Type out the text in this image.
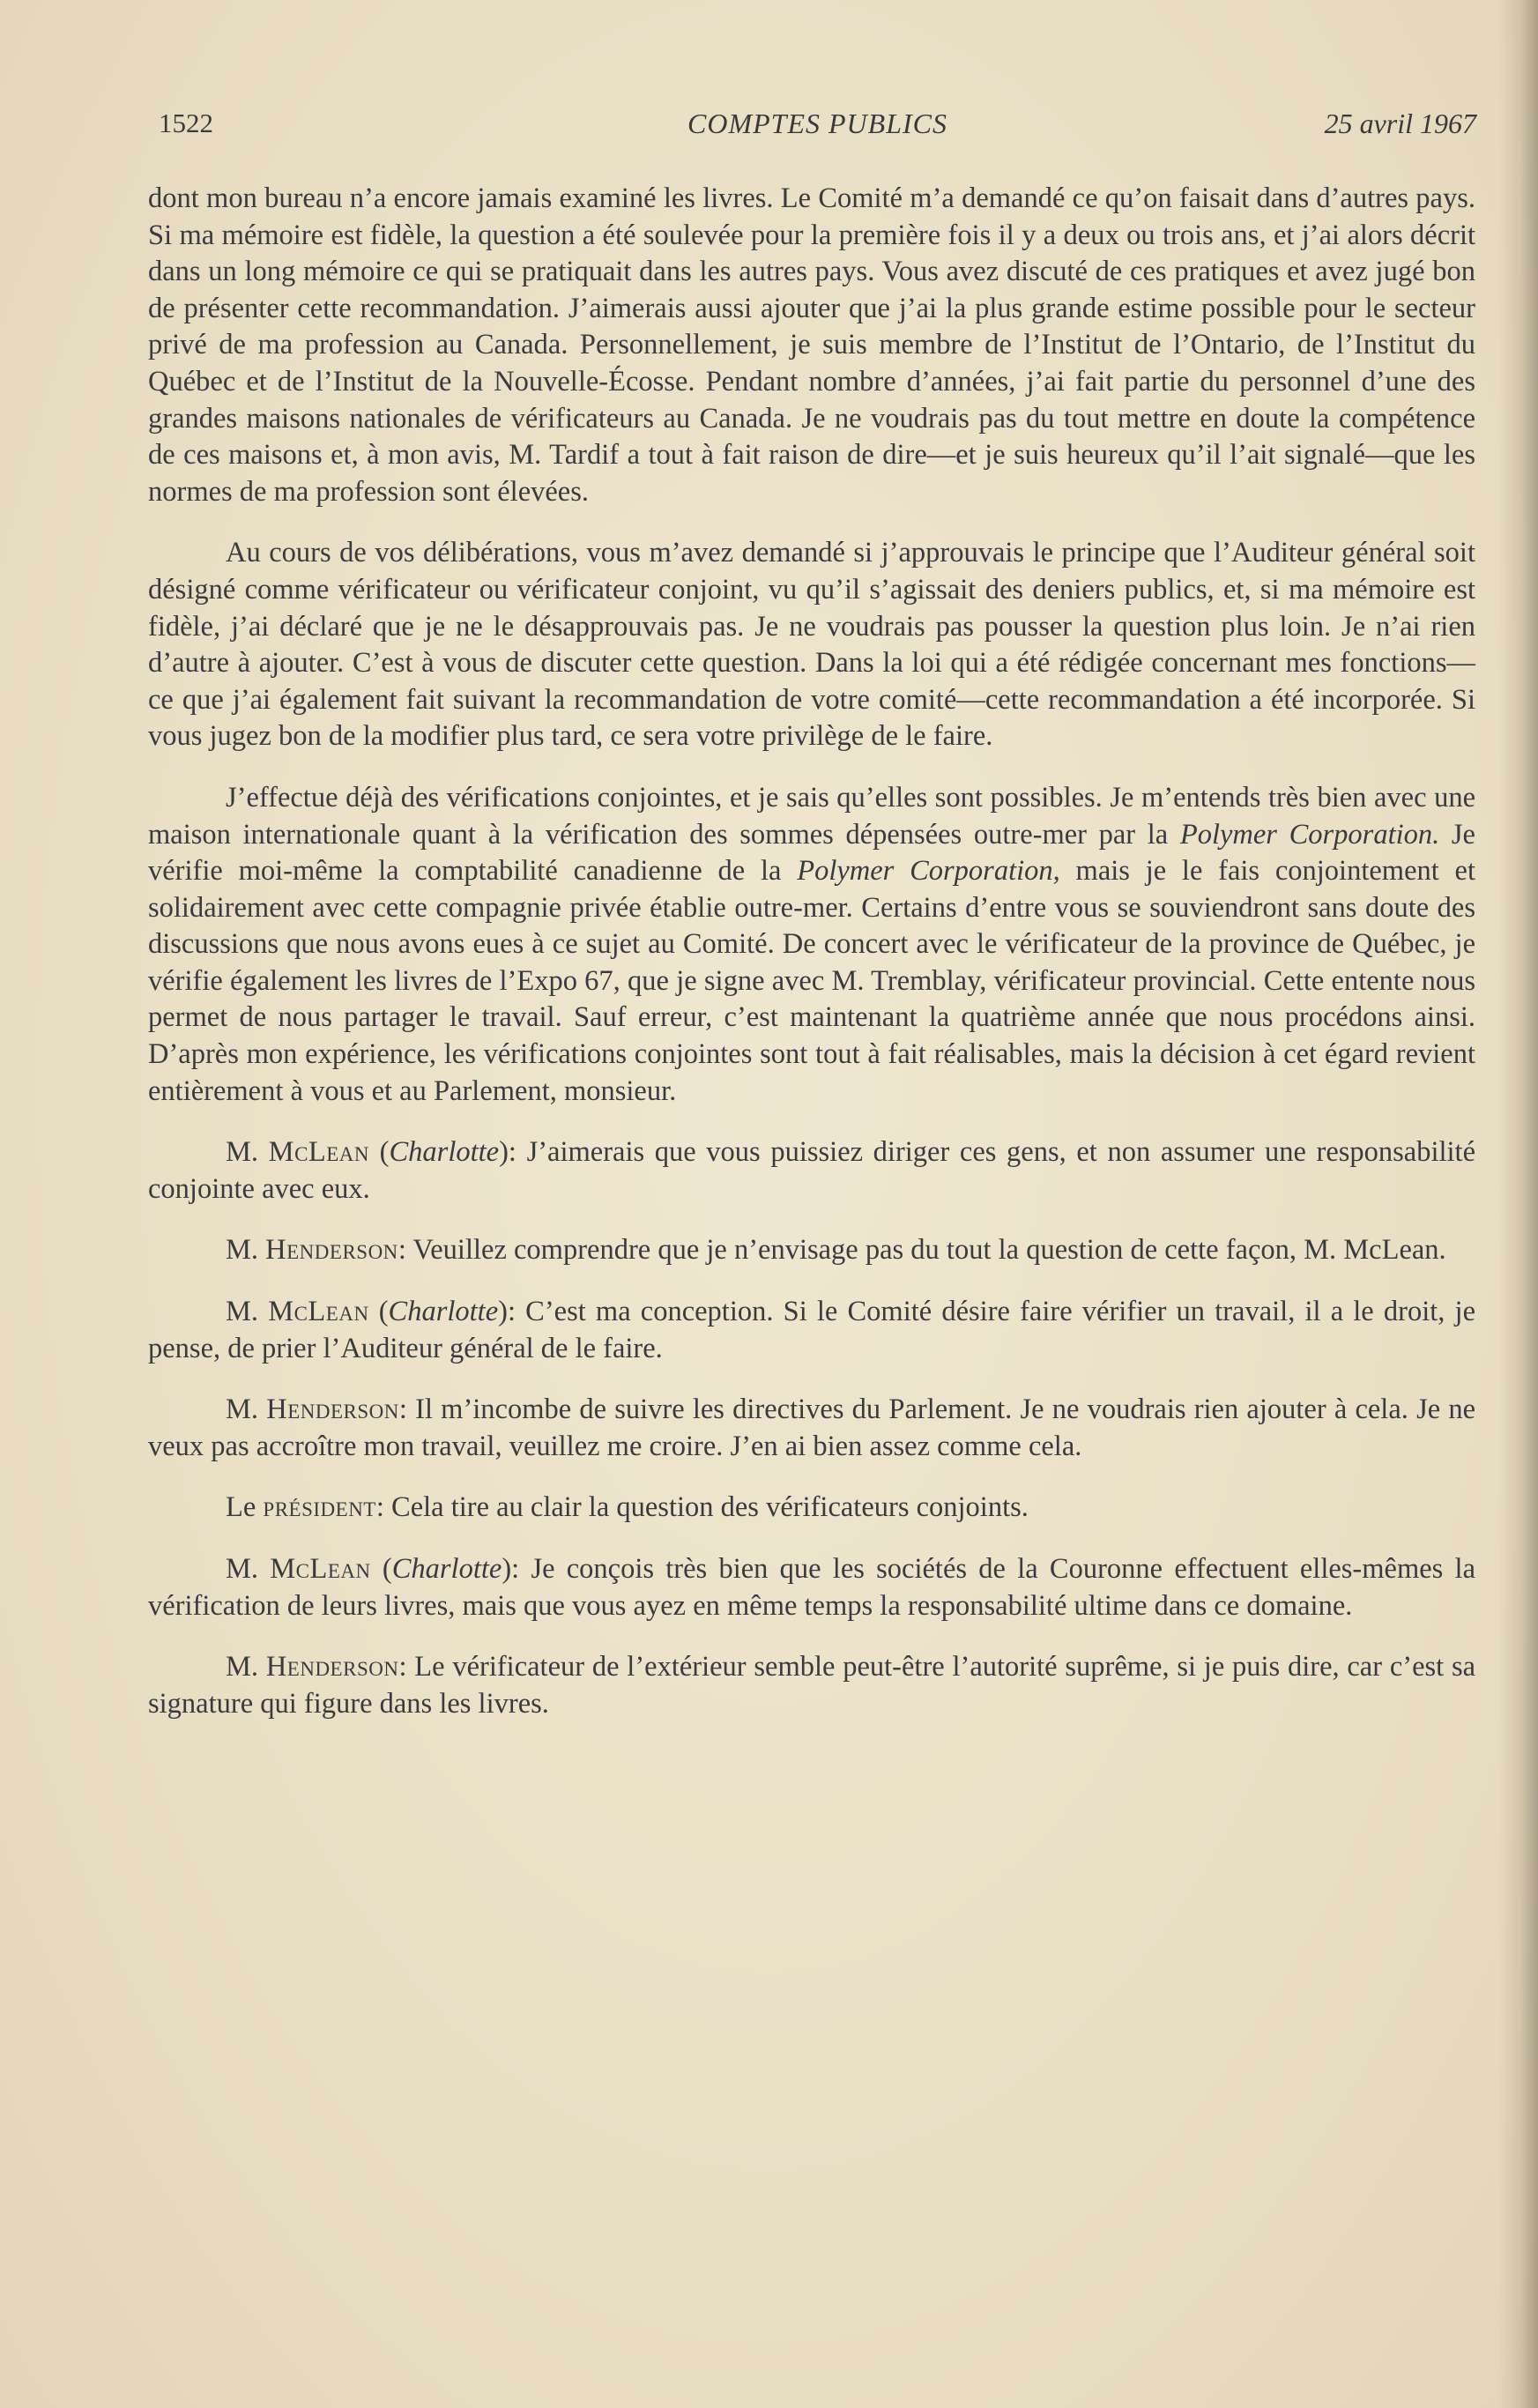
1522	COMPTES PUBLICS	25 avril 1967

dont mon bureau n’a encore jamais examiné les livres. Le Comité m’a demandé ce qu’on faisait dans d’autres pays. Si ma mémoire est fidèle, la question a été soulevée pour la première fois il y a deux ou trois ans, et j’ai alors décrit dans un long mémoire ce qui se pratiquait dans les autres pays. Vous avez discuté de ces pratiques et avez jugé bon de présenter cette recommandation. J’aimerais aussi ajouter que j’ai la plus grande estime possible pour le secteur privé de ma profession au Canada. Personnellement, je suis membre de l’Institut de l’Ontario, de l’Institut du Québec et de l’Institut de la Nouvelle-Écosse. Pendant nombre d’années, j’ai fait partie du personnel d’une des grandes maisons nationales de vérificateurs au Canada. Je ne voudrais pas du tout mettre en doute la compétence de ces maisons et, à mon avis, M. Tardif a tout à fait raison de dire—et je suis heureux qu’il l’ait signalé—que les normes de ma profession sont élevées.

Au cours de vos délibérations, vous m’avez demandé si j’approuvais le principe que l’Auditeur général soit désigné comme vérificateur ou vérificateur conjoint, vu qu’il s’agissait des deniers publics, et, si ma mémoire est fidèle, j’ai déclaré que je ne le désapprouvais pas. Je ne voudrais pas pousser la question plus loin. Je n’ai rien d’autre à ajouter. C’est à vous de discuter cette question. Dans la loi qui a été rédigée concernant mes fonctions—ce que j’ai également fait suivant la recommandation de votre comité—cette recommandation a été incorporée. Si vous jugez bon de la modifier plus tard, ce sera votre privilège de le faire.

J’effectue déjà des vérifications conjointes, et je sais qu’elles sont possibles. Je m’entends très bien avec une maison internationale quant à la vérification des sommes dépensées outre-mer par la Polymer Corporation. Je vérifie moi-même la comptabilité canadienne de la Polymer Corporation, mais je le fais conjointement et solidairement avec cette compagnie privée établie outre-mer. Certains d’entre vous se souviendront sans doute des discussions que nous avons eues à ce sujet au Comité. De concert avec le vérificateur de la province de Québec, je vérifie également les livres de l’Expo 67, que je signe avec M. Tremblay, vérificateur provincial. Cette entente nous permet de nous partager le travail. Sauf erreur, c’est maintenant la quatrième année que nous procédons ainsi. D’après mon expérience, les vérifications conjointes sont tout à fait réalisables, mais la décision à cet égard revient entièrement à vous et au Parlement, monsieur.

M. McLean (Charlotte): J’aimerais que vous puissiez diriger ces gens, et non assumer une responsabilité conjointe avec eux.

M. Henderson: Veuillez comprendre que je n’envisage pas du tout la question de cette façon, M. McLean.

M. McLean (Charlotte): C’est ma conception. Si le Comité désire faire vérifier un travail, il a le droit, je pense, de prier l’Auditeur général de le faire.

M. Henderson: Il m’incombe de suivre les directives du Parlement. Je ne voudrais rien ajouter à cela. Je ne veux pas accroître mon travail, veuillez me croire. J’en ai bien assez comme cela.

Le président: Cela tire au clair la question des vérificateurs conjoints.

M. McLean (Charlotte): Je conçois très bien que les sociétés de la Couronne effectuent elles-mêmes la vérification de leurs livres, mais que vous ayez en même temps la responsabilité ultime dans ce domaine.

M. Henderson: Le vérificateur de l’extérieur semble peut-être l’autorité suprême, si je puis dire, car c’est sa signature qui figure dans les livres.
